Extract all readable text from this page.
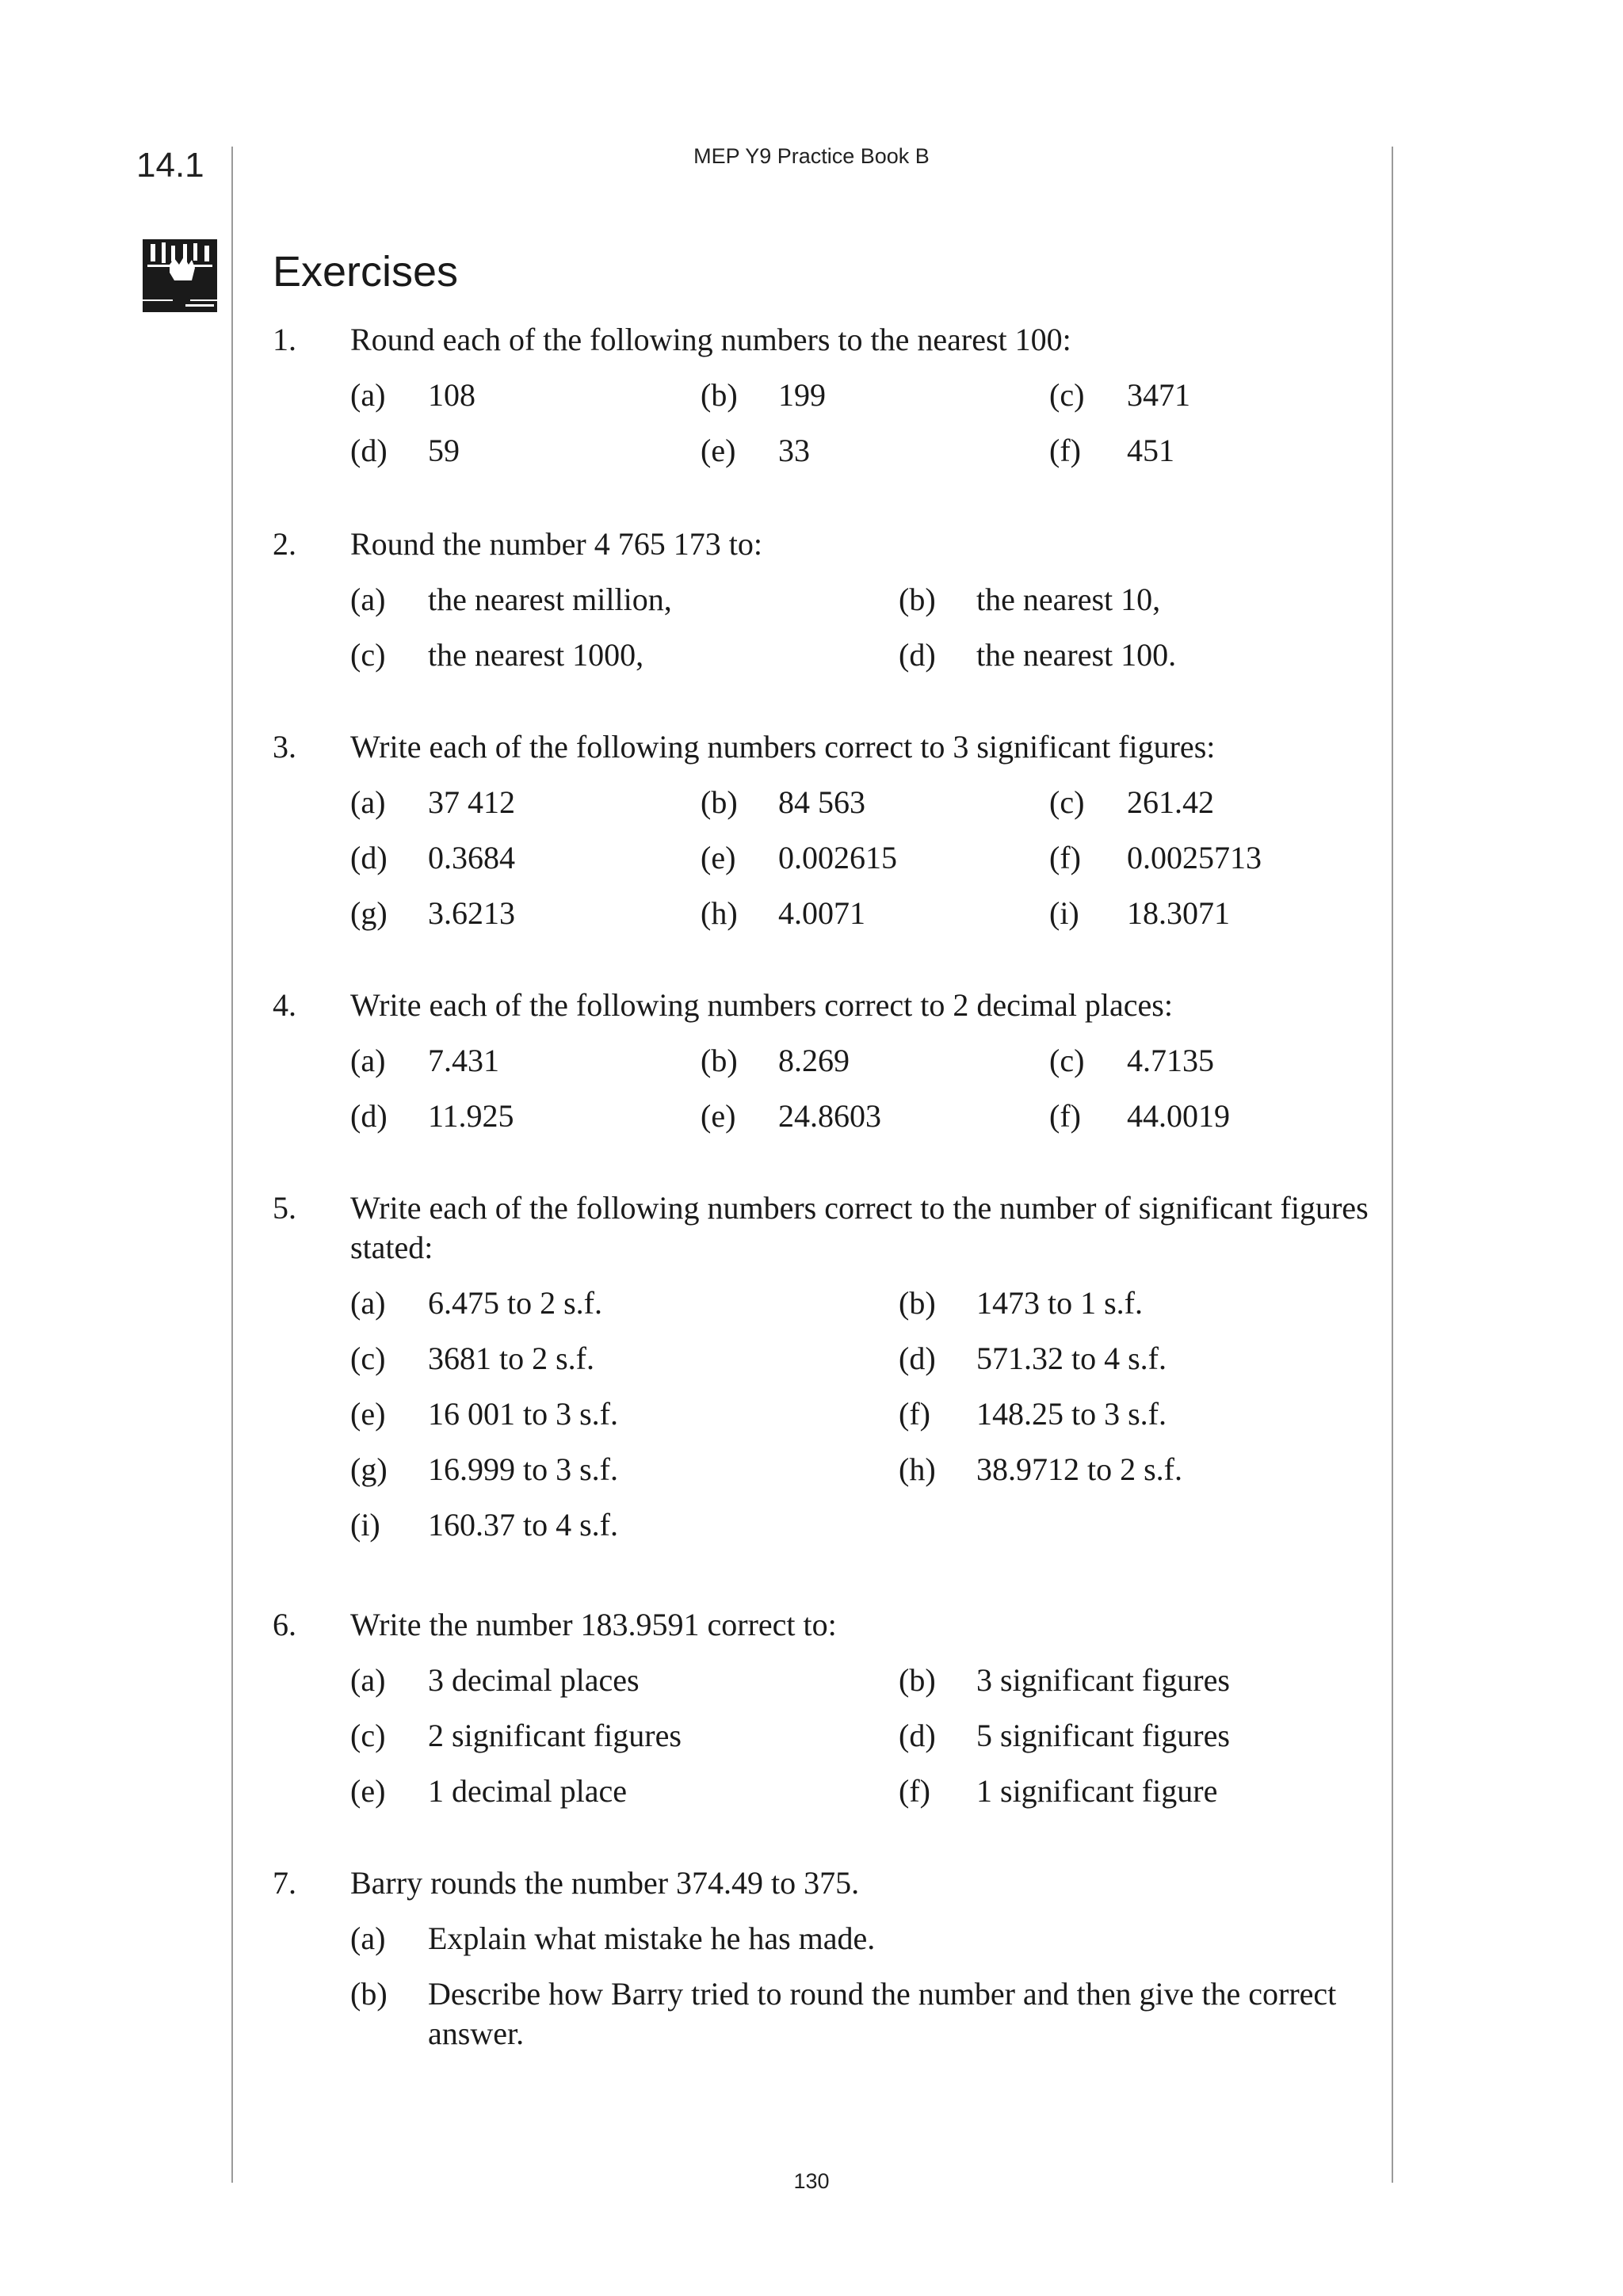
14.1	MEP Y9 Practice Book B
Exercises
1. Round each of the following numbers to the nearest 100:
(a) 108	(b) 199	(c) 3471
(d) 59	(e) 33	(f) 451
2. Round the number 4 765 173 to:
(a) the nearest million,	(b) the nearest 10,
(c) the nearest 1000,	(d) the nearest 100.
3. Write each of the following numbers correct to 3 significant figures:
(a) 37 412	(b) 84 563	(c) 261.42
(d) 0.3684	(e) 0.002615	(f) 0.0025713
(g) 3.6213	(h) 4.0071	(i) 18.3071
4. Write each of the following numbers correct to 2 decimal places:
(a) 7.431	(b) 8.269	(c) 4.7135
(d) 11.925	(e) 24.8603	(f) 44.0019
5. Write each of the following numbers correct to the number of significant figures stated:
(a) 6.475 to 2 s.f.	(b) 1473 to 1 s.f.
(c) 3681 to 2 s.f.	(d) 571.32 to 4 s.f.
(e) 16 001 to 3 s.f.	(f) 148.25 to 3 s.f.
(g) 16.999 to 3 s.f.	(h) 38.9712 to 2 s.f.
(i) 160.37 to 4 s.f.
6. Write the number 183.9591 correct to:
(a) 3 decimal places	(b) 3 significant figures
(c) 2 significant figures	(d) 5 significant figures
(e) 1 decimal place	(f) 1 significant figure
7. Barry rounds the number 374.49 to 375.
(a) Explain what mistake he has made.
(b) Describe how Barry tried to round the number and then give the correct answer.
130
